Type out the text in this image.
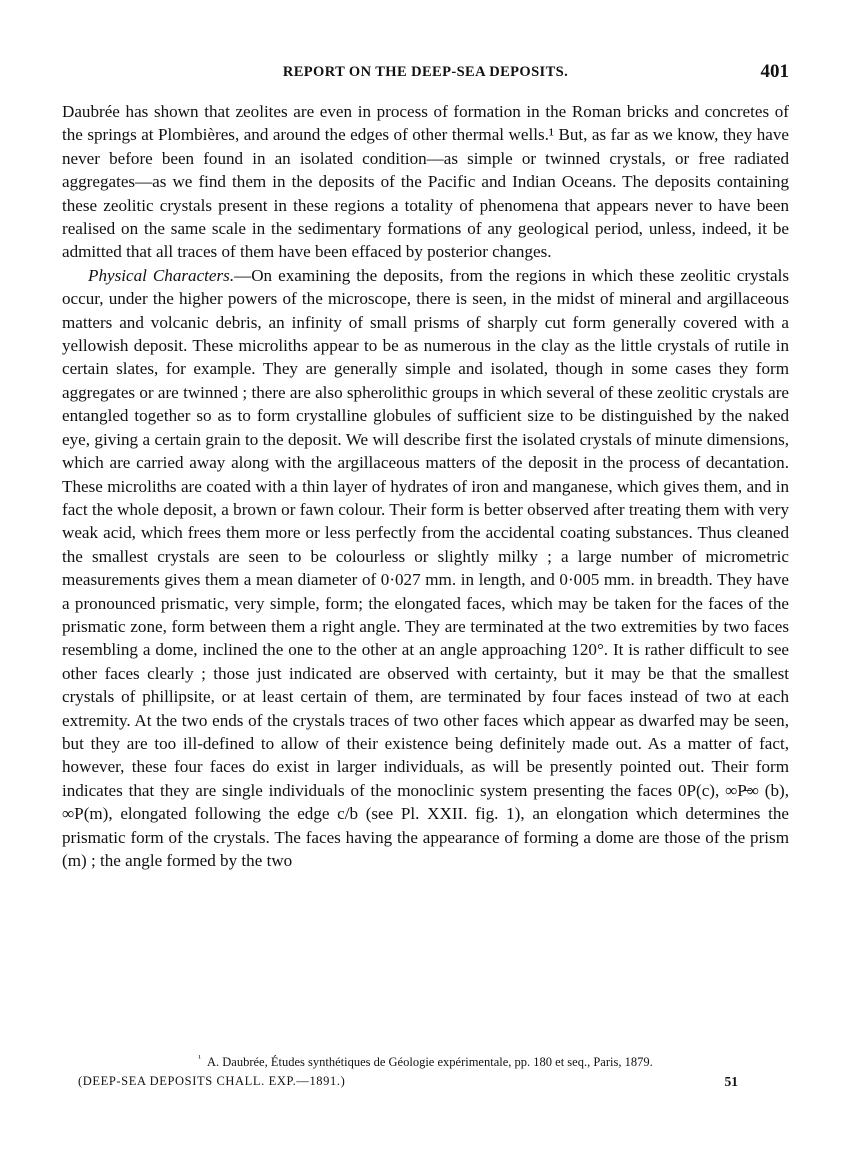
REPORT ON THE DEEP-SEA DEPOSITS.	401

Daubrée has shown that zeolites are even in process of formation in the Roman bricks and concretes of the springs at Plombières, and around the edges of other thermal wells.¹ But, as far as we know, they have never before been found in an isolated condition—as simple or twinned crystals, or free radiated aggregates—as we find them in the deposits of the Pacific and Indian Oceans. The deposits containing these zeolitic crystals present in these regions a totality of phenomena that appears never to have been realised on the same scale in the sedimentary formations of any geological period, unless, indeed, it be admitted that all traces of them have been effaced by posterior changes.

Physical Characters.—On examining the deposits, from the regions in which these zeolitic crystals occur, under the higher powers of the microscope, there is seen, in the midst of mineral and argillaceous matters and volcanic debris, an infinity of small prisms of sharply cut form generally covered with a yellowish deposit. These microliths appear to be as numerous in the clay as the little crystals of rutile in certain slates, for example. They are generally simple and isolated, though in some cases they form aggregates or are twinned ; there are also spherolithic groups in which several of these zeolitic crystals are entangled together so as to form crystalline globules of sufficient size to be distinguished by the naked eye, giving a certain grain to the deposit. We will describe first the isolated crystals of minute dimensions, which are carried away along with the argillaceous matters of the deposit in the process of decantation. These microliths are coated with a thin layer of hydrates of iron and manganese, which gives them, and in fact the whole deposit, a brown or fawn colour. Their form is better observed after treating them with very weak acid, which frees them more or less perfectly from the accidental coating substances. Thus cleaned the smallest crystals are seen to be colourless or slightly milky ; a large number of micrometric measurements gives them a mean diameter of 0·027 mm. in length, and 0·005 mm. in breadth. They have a pronounced prismatic, very simple, form; the elongated faces, which may be taken for the faces of the prismatic zone, form between them a right angle. They are terminated at the two extremities by two faces resembling a dome, inclined the one to the other at an angle approaching 120°. It is rather difficult to see other faces clearly ; those just indicated are observed with certainty, but it may be that the smallest crystals of phillipsite, or at least certain of them, are terminated by four faces instead of two at each extremity. At the two ends of the crystals traces of two other faces which appear as dwarfed may be seen, but they are too ill-defined to allow of their existence being definitely made out. As a matter of fact, however, these four faces do exist in larger individuals, as will be presently pointed out. Their form indicates that they are single individuals of the monoclinic system presenting the faces 0P(c), ∞P̶∞ (b), ∞P(m), elongated following the edge c/b (see Pl. XXII. fig. 1), an elongation which determines the prismatic form of the crystals. The faces having the appearance of forming a dome are those of the prism (m) ; the angle formed by the two

$^{^1}$ A. Daubrée, Études synthétiques de Géologie expérimentale, pp. 180 et seq., Paris, 1879.
(DEEP-SEA DEPOSITS CHALL. EXP.—1891.)	51
